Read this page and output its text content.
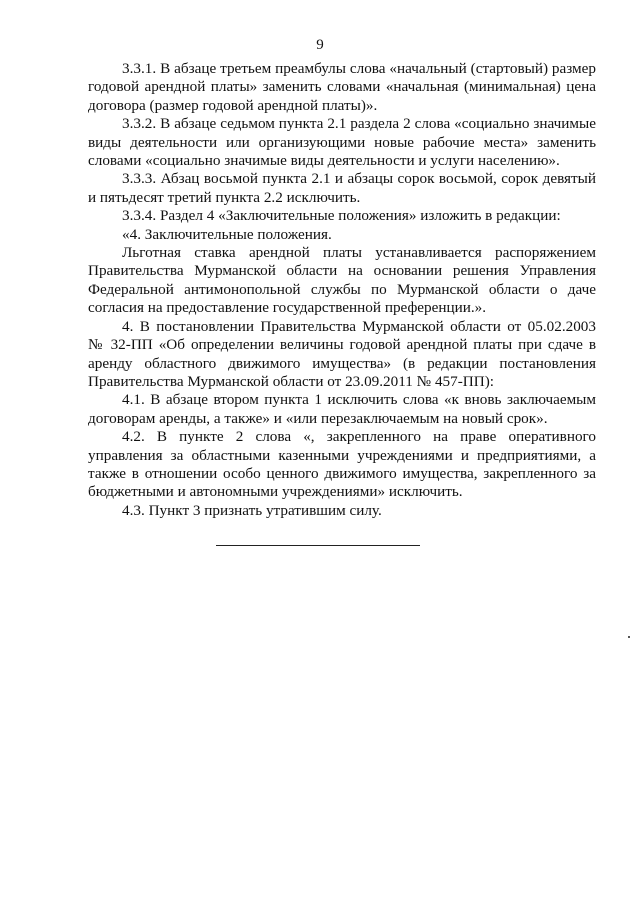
9

3.3.1. В абзаце третьем преамбулы слова «начальный (стартовый) размер годовой арендной платы» заменить словами «начальная (минимальная) цена договора (размер годовой арендной платы)».

3.3.2. В абзаце седьмом пункта 2.1 раздела 2 слова «социально значимые виды деятельности или организующими новые рабочие места» заменить словами «социально значимые виды деятельности и услуги населению».

3.3.3. Абзац восьмой пункта 2.1 и абзацы сорок восьмой, сорок девятый и пятьдесят третий пункта 2.2 исключить.

3.3.4. Раздел 4 «Заключительные положения» изложить в редакции:

«4. Заключительные положения.

Льготная ставка арендной платы устанавливается распоряжением Правительства Мурманской области на основании решения Управления Федеральной антимонопольной службы по Мурманской области о даче согласия на предоставление государственной преференции.».

4. В постановлении Правительства Мурманской области от 05.02.2003 № 32-ПП «Об определении величины годовой арендной платы при сдаче в аренду областного движимого имущества» (в редакции постановления Правительства Мурманской области от 23.09.2011 № 457-ПП):

4.1. В абзаце втором пункта 1 исключить слова «к вновь заключаемым договорам аренды, а также» и «или перезаключаемым на новый срок».

4.2. В пункте 2 слова «, закрепленного на праве оперативного управления за областными казенными учреждениями и предприятиями, а также в отношении особо ценного движимого имущества, закрепленного за бюджетными и автономными учреждениями» исключить.

4.3. Пункт 3 признать утратившим силу.
